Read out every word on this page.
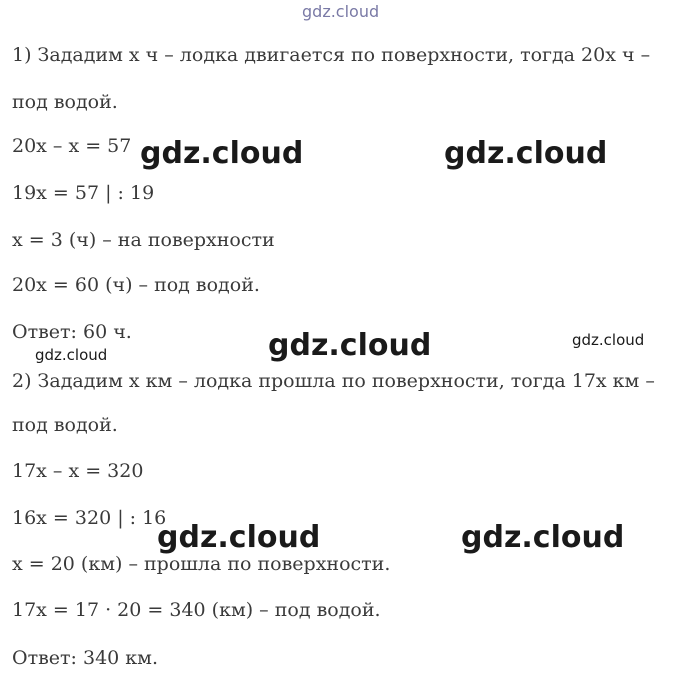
gdz.cloud
1) Зададим x ч – лодка двигается по поверхности, тогда 20x ч –
под водой.
20x – x = 57
19x = 57 | : 19
x = 3 (ч) – на поверхности
20x = 60 (ч) – под водой.
Ответ: 60 ч.
2) Зададим x км – лодка прошла по поверхности, тогда 17x км –
под водой.
17x – x = 320
16x = 320 | : 16
x = 20 (км) – прошла по поверхности.
17x = 17 · 20 = 340 (км) – под водой.
Ответ: 340 км.
gdz.cloud	gdz.cloud
gdz.cloud	gdz.cloud
gdz.cloud
gdz.cloud	gdz.cloud
